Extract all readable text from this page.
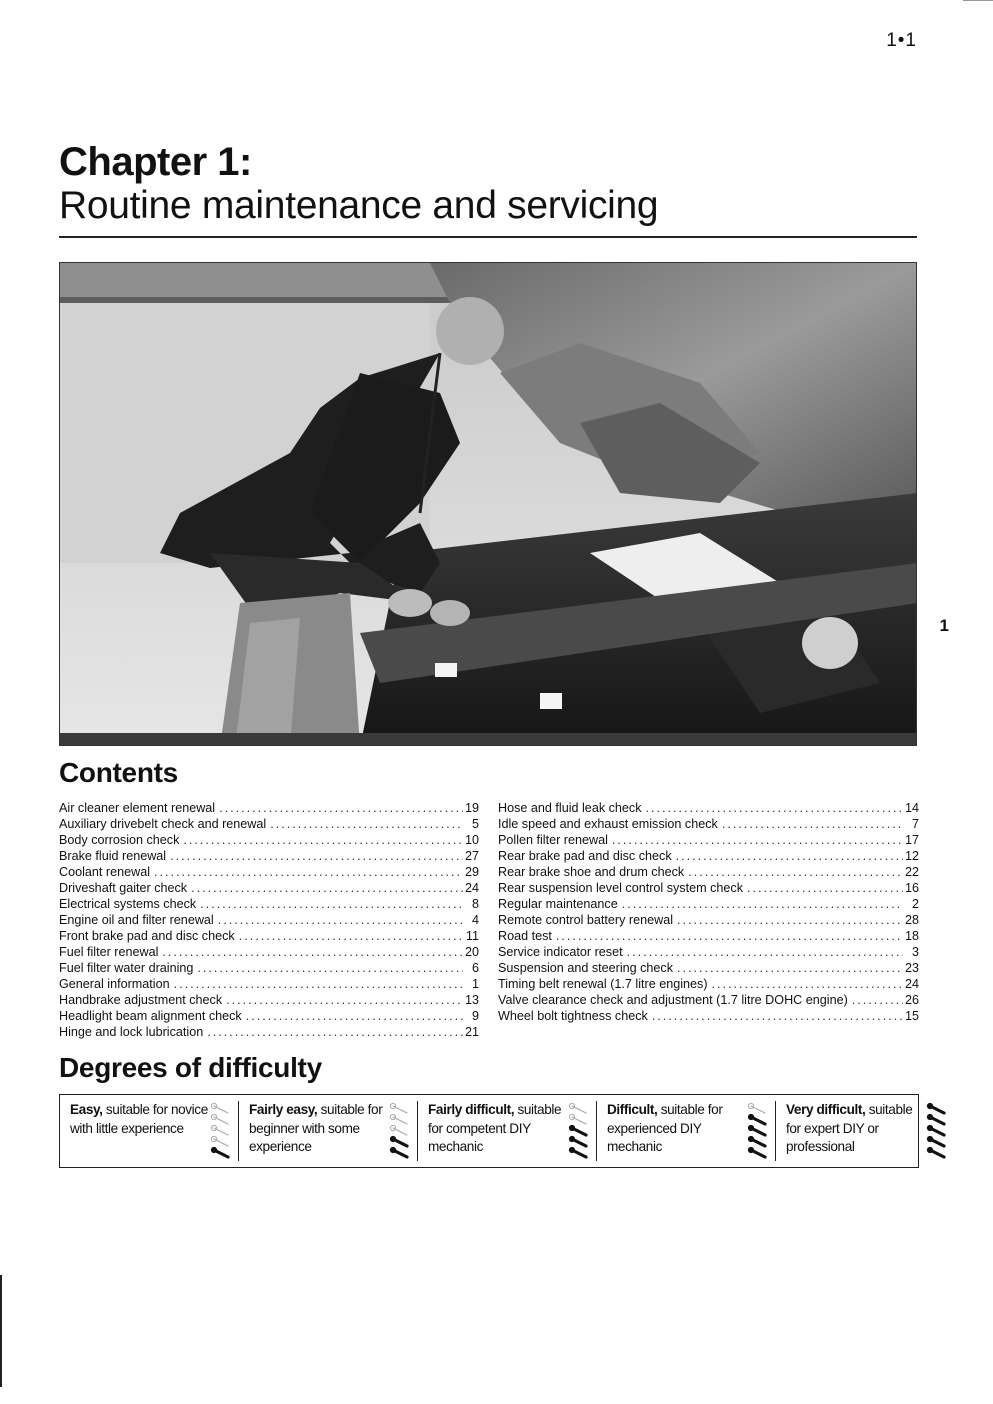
1•1
Chapter 1:
Routine maintenance and servicing
1
Contents
Air cleaner element renewal .....	19
Auxiliary drivebelt check and renewal .....	5
Body corrosion check .....	10
Brake fluid renewal .....	27
Coolant renewal .....	29
Driveshaft gaiter check .....	24
Electrical systems check .....	8
Engine oil and filter renewal .....	4
Front brake pad and disc check .....	11
Fuel filter renewal .....	20
Fuel filter water draining .....	6
General information .....	1
Handbrake adjustment check .....	13
Headlight beam alignment check .....	9
Hinge and lock lubrication .....	21
Hose and fluid leak check .....	14
Idle speed and exhaust emission check .....	7
Pollen filter renewal .....	17
Rear brake pad and disc check .....	12
Rear brake shoe and drum check .....	22
Rear suspension level control system check .....	16
Regular maintenance .....	2
Remote control battery renewal .....	28
Road test .....	18
Service indicator reset .....	3
Suspension and steering check .....	23
Timing belt renewal (1.7 litre engines) .....	24
Valve clearance check and adjustment (1.7 litre DOHC engine) .....	26
Wheel bolt tightness check .....	15
Degrees of difficulty
Easy, suitable for novice with little experience
Fairly easy, suitable for beginner with some experience
Fairly difficult, suitable for competent DIY mechanic
Difficult, suitable for experienced DIY mechanic
Very difficult, suitable for expert DIY or professional
